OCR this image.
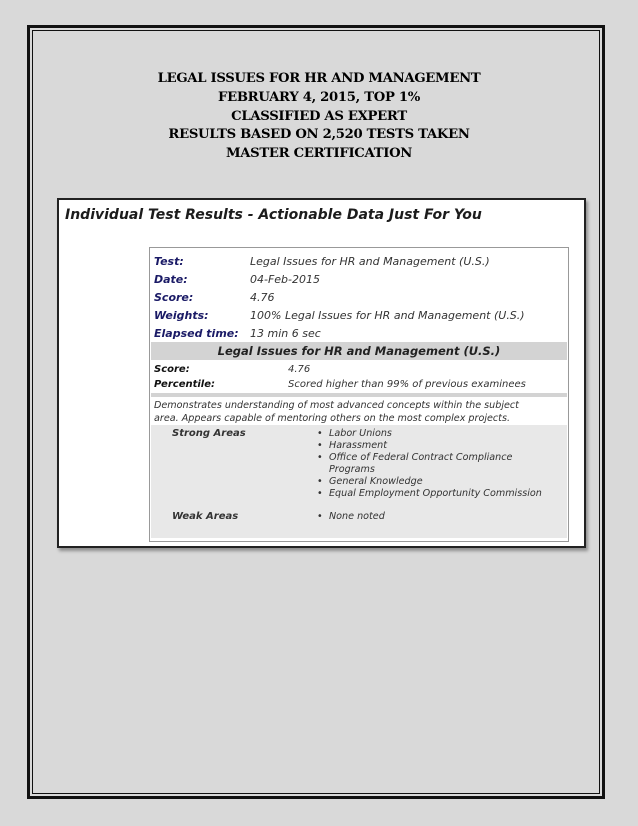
LEGAL ISSUES FOR HR AND MANAGEMENT
FEBRUARY 4, 2015, TOP 1%
CLASSIFIED AS EXPERT
RESULTS BASED ON 2,520 TESTS TAKEN
MASTER CERTIFICATION
Individual Test Results - Actionable Data Just For You
Test:	Legal Issues for HR and Management (U.S.)
Date:	04-Feb-2015
Score:	4.76
Weights:	100% Legal Issues for HR and Management (U.S.)
Elapsed time:	13 min 6 sec
Legal Issues for HR and Management (U.S.)
Score:	4.76
Percentile:	Scored higher than 99% of previous examinees
Demonstrates understanding of most advanced concepts within the subject
area. Appears capable of mentoring others on the most complex projects.
Strong Areas	• Labor Unions
• Harassment
• Office of Federal Contract Compliance
Programs
• General Knowledge
• Equal Employment Opportunity Commission
Weak Areas	• None noted
